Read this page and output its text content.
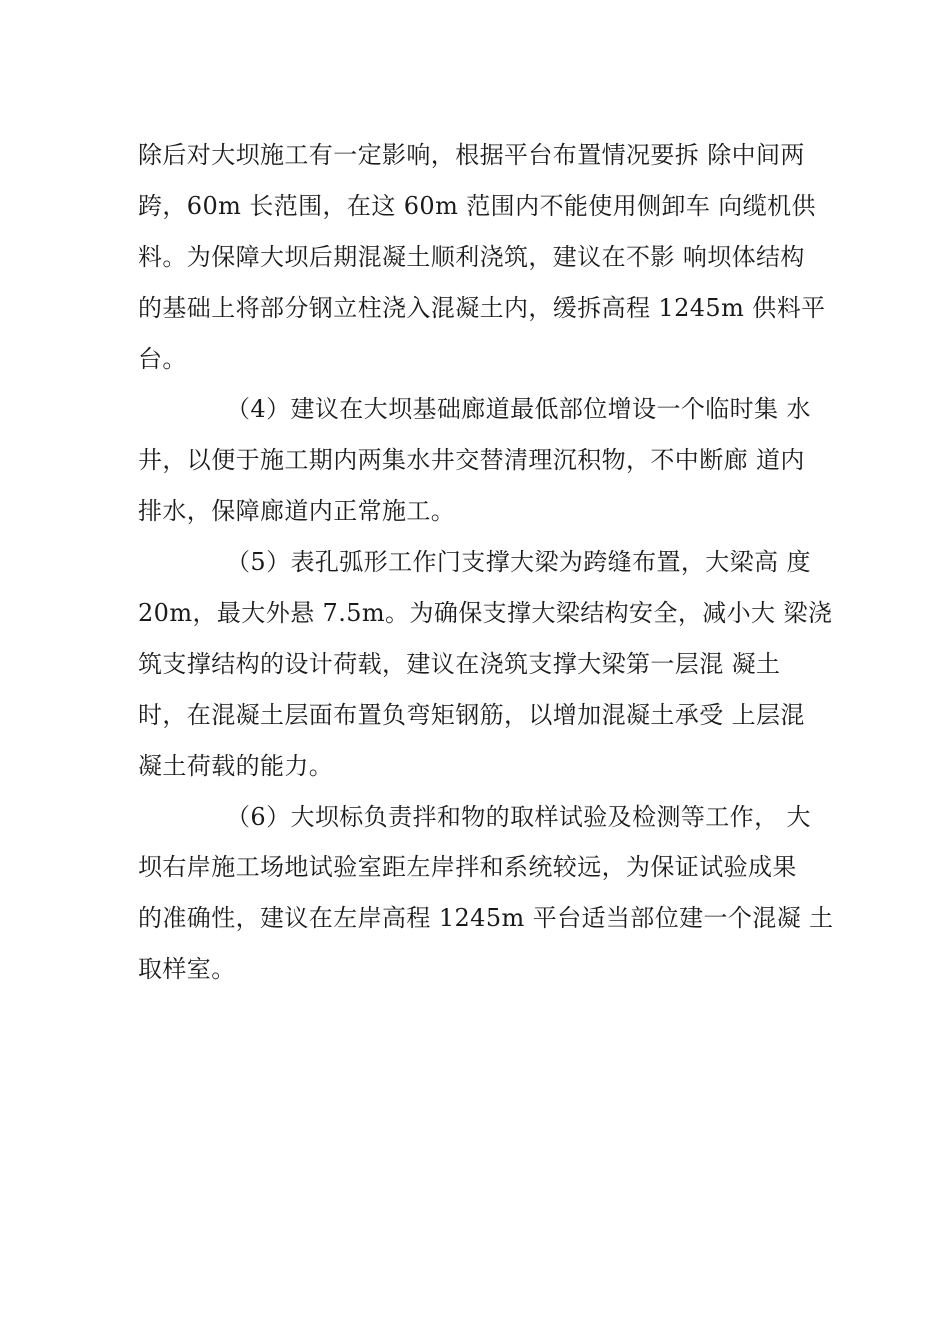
除后对大坝施工有一定影响，根据平台布置情况要拆 除中间两
跨，60m 长范围，在这 60m 范围内不能使用侧卸车 向缆机供
料。为保障大坝后期混凝土顺利浇筑，建议在不影 响坝体结构
的基础上将部分钢立柱浇入混凝土内，缓拆高程 1245m 供料平
台。
（4）建议在大坝基础廊道最低部位增设一个临时集 水
井，以便于施工期内两集水井交替清理沉积物，不中断廊 道内
排水，保障廊道内正常施工。
（5）表孔弧形工作门支撑大梁为跨缝布置，大梁高 度
20m，最大外悬 7.5m。为确保支撑大梁结构安全，减小大 梁浇
筑支撑结构的设计荷载，建议在浇筑支撑大梁第一层混 凝土
时，在混凝土层面布置负弯矩钢筋，以增加混凝土承受 上层混
凝土荷载的能力。
（6）大坝标负责拌和物的取样试验及检测等工作， 大
坝右岸施工场地试验室距左岸拌和系统较远，为保证试验成果
的准确性，建议在左岸高程 1245m 平台适当部位建一个混凝 土
取样室。
